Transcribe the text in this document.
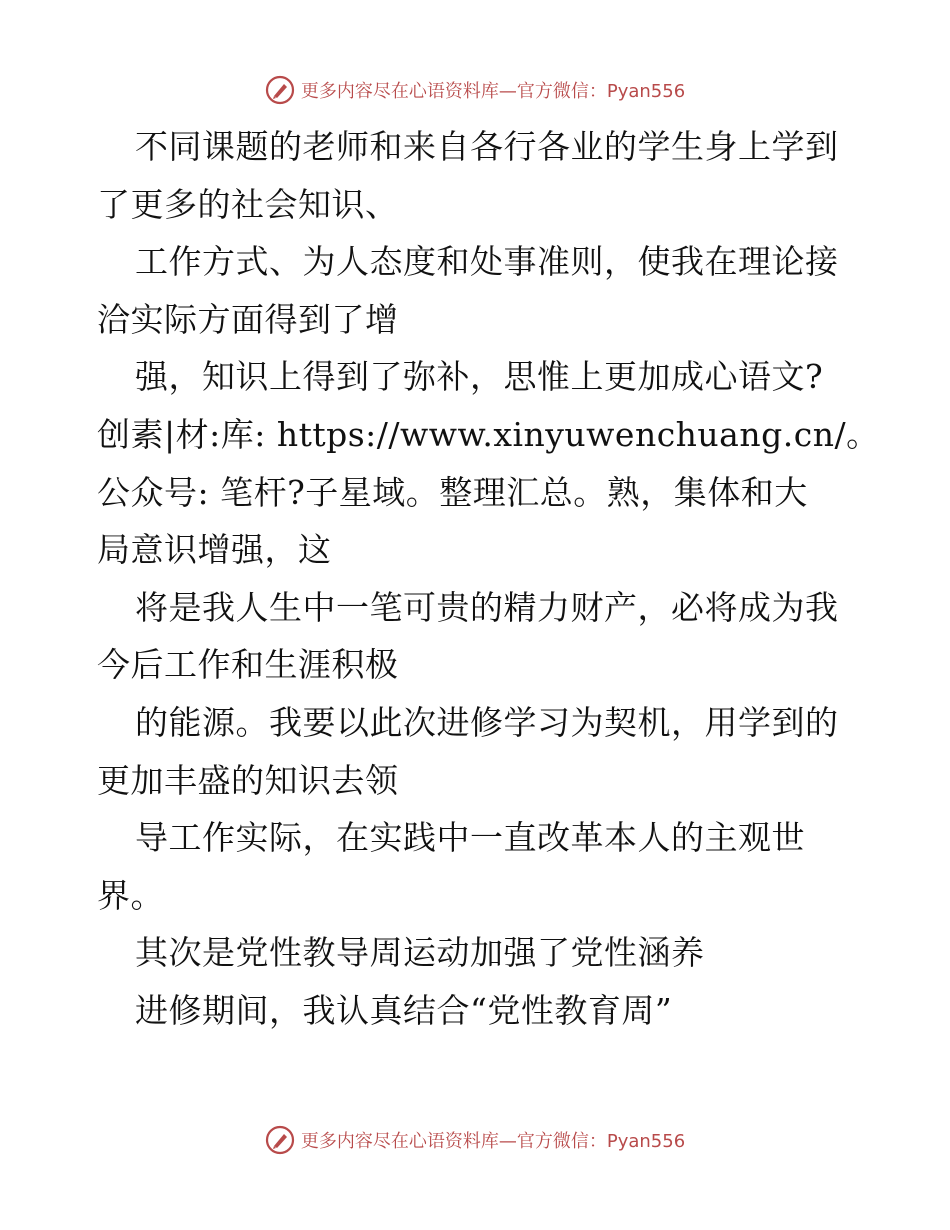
更多内容尽在心语资料库—官方微信：Pyan556
不同课题的老师和来自各行各业的学生身上学到
了更多的社会知识、
工作方式、为人态度和处事准则，使我在理论接
洽实际方面得到了增
强，知识上得到了弥补，思惟上更加成心语文?
创素|材:库: https://www.xinyuwenchuang.cn/。
公众号: 笔杆?子星域。整理汇总。熟，集体和大
局意识增强，这
将是我人生中一笔可贵的精力财产，必将成为我
今后工作和生涯积极
的能源。我要以此次进修学习为契机，用学到的
更加丰盛的知识去领
导工作实际，在实践中一直改革本人的主观世
界。
其次是党性教导周运动加强了党性涵养
进修期间，我认真结合“党性教育周”
更多内容尽在心语资料库—官方微信：Pyan556
